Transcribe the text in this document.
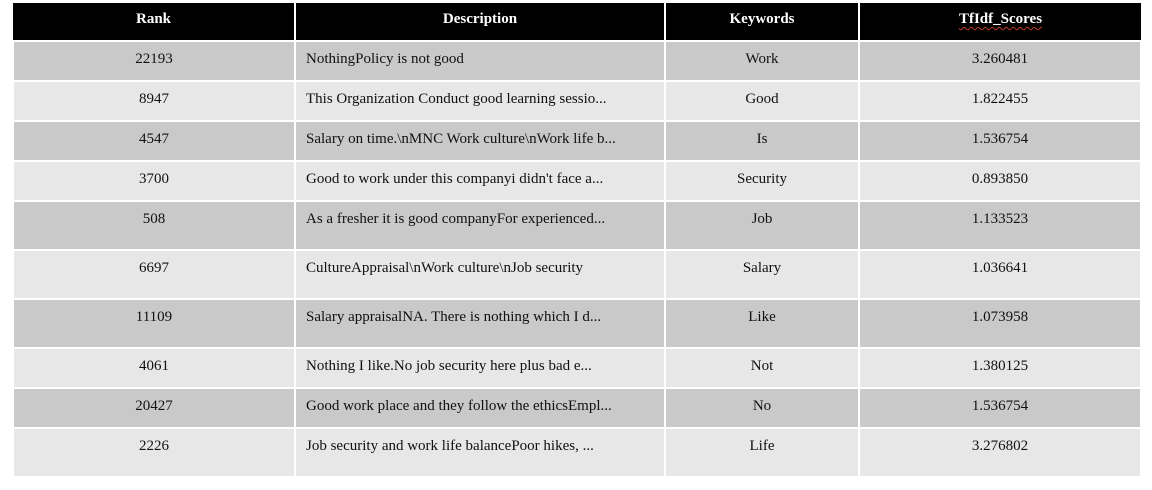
Rank	Description	Keywords	TfIdf_Scores
22193	NothingPolicy is not good	Work	3.260481
8947	This Organization Conduct good learning sessio...	Good	1.822455
4547	Salary on time.\nMNC Work culture\nWork life b...	Is	1.536754
3700	Good to work under this companyi didn't face a...	Security	0.893850
508	As a fresher it is good companyFor experienced...	Job	1.133523
6697	CultureAppraisal\nWork culture\nJob security	Salary	1.036641
11109	Salary appraisalNA. There is nothing which I d...	Like	1.073958
4061	Nothing I like.No job security here plus bad e...	Not	1.380125
20427	Good work place and they follow the ethicsEmpl...	No	1.536754
2226	Job security and work life balancePoor hikes, ...	Life	3.276802
